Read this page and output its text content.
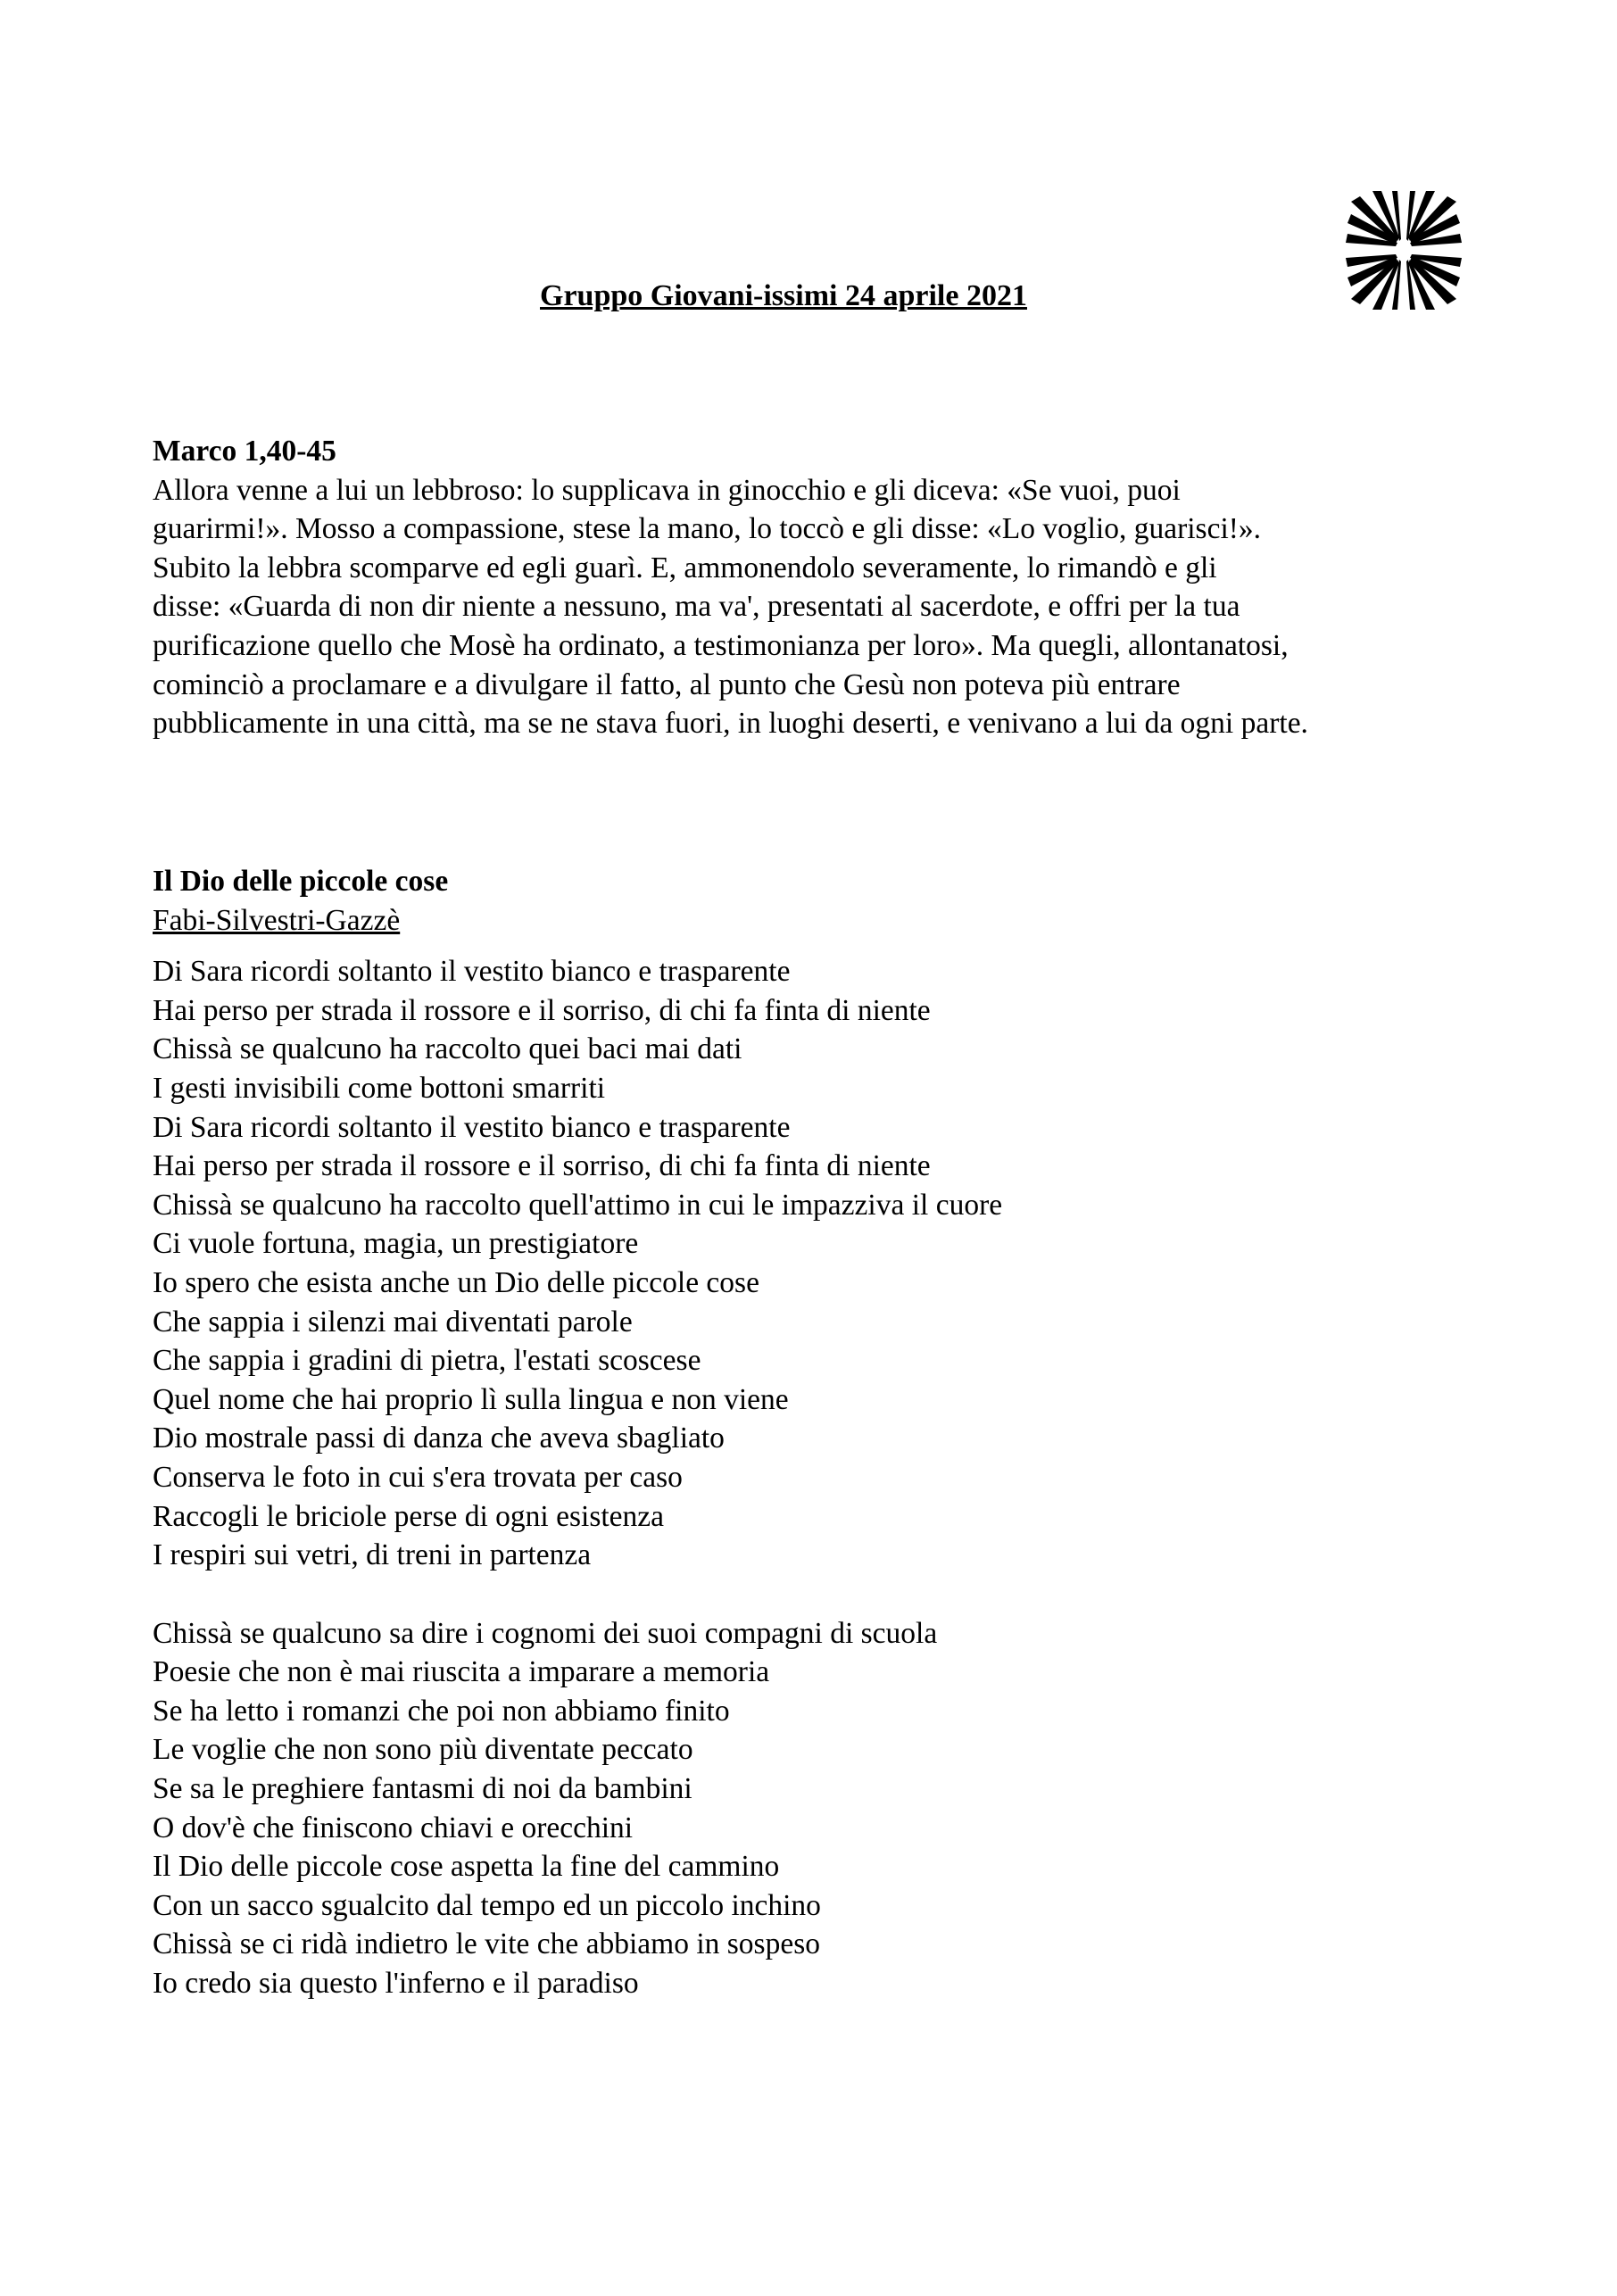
Gruppo Giovani-issimi 24 aprile 2021

Marco 1,40-45

Allora venne a lui un lebbroso: lo supplicava in ginocchio e gli diceva: «Se vuoi, puoi
guarirmi!». Mosso a compassione, stese la mano, lo toccò e gli disse: «Lo voglio, guarisci!».
Subito la lebbra scomparve ed egli guarì. E, ammonendolo severamente, lo rimandò e gli
disse: «Guarda di non dir niente a nessuno, ma va', presentati al sacerdote, e offri per la tua
purificazione quello che Mosè ha ordinato, a testimonianza per loro». Ma quegli, allontanatosi,
cominciò a proclamare e a divulgare il fatto, al punto che Gesù non poteva più entrare
pubblicamente in una città, ma se ne stava fuori, in luoghi deserti, e venivano a lui da ogni parte.

Il Dio delle piccole cose

Fabi-Silvestri-Gazzè

Di Sara ricordi soltanto il vestito bianco e trasparente
Hai perso per strada il rossore e il sorriso, di chi fa finta di niente
Chissà se qualcuno ha raccolto quei baci mai dati
I gesti invisibili come bottoni smarriti
Di Sara ricordi soltanto il vestito bianco e trasparente
Hai perso per strada il rossore e il sorriso, di chi fa finta di niente
Chissà se qualcuno ha raccolto quell'attimo in cui le impazziva il cuore
Ci vuole fortuna, magia, un prestigiatore
Io spero che esista anche un Dio delle piccole cose
Che sappia i silenzi mai diventati parole
Che sappia i gradini di pietra, l'estati scoscese
Quel nome che hai proprio lì sulla lingua e non viene
Dio mostrale passi di danza che aveva sbagliato
Conserva le foto in cui s'era trovata per caso
Raccogli le briciole perse di ogni esistenza
I respiri sui vetri, di treni in partenza

Chissà se qualcuno sa dire i cognomi dei suoi compagni di scuola
Poesie che non è mai riuscita a imparare a memoria
Se ha letto i romanzi che poi non abbiamo finito
Le voglie che non sono più diventate peccato
Se sa le preghiere fantasmi di noi da bambini
O dov'è che finiscono chiavi e orecchini
Il Dio delle piccole cose aspetta la fine del cammino
Con un sacco sgualcito dal tempo ed un piccolo inchino
Chissà se ci ridà indietro le vite che abbiamo in sospeso
Io credo sia questo l'inferno e il paradiso
